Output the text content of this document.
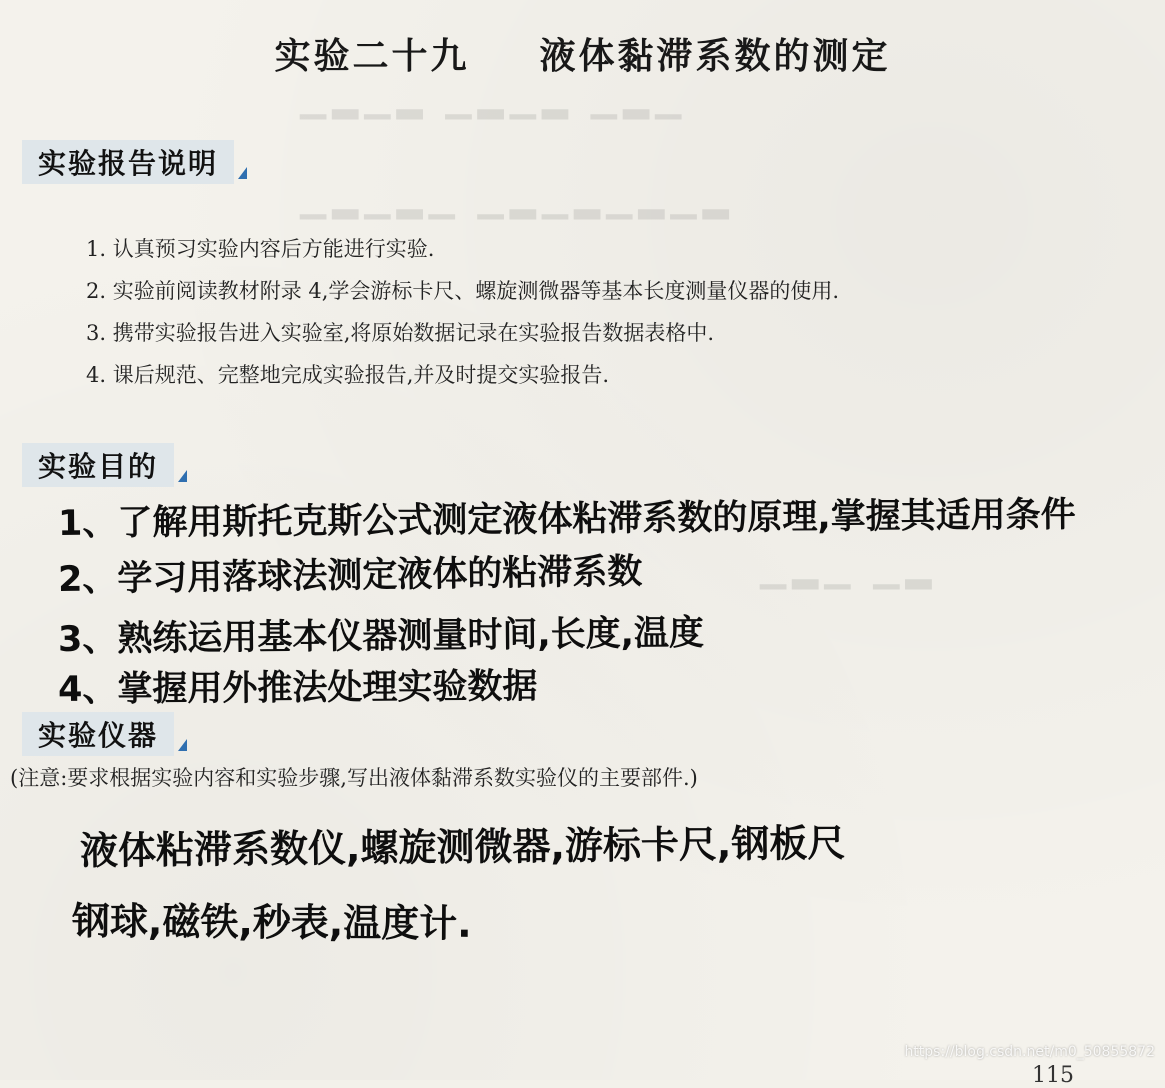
▁▂▁▂ ▁▂▁▂ ▁▂▁
▁▂▁▂▁ ▁▂▁▂▁▂▁▂
▁▂▁ ▁▂
实验二十九 液体黏滞系数的测定
实验报告说明
1. 认真预习实验内容后方能进行实验.
2. 实验前阅读教材附录 4,学会游标卡尺、螺旋测微器等基本长度测量仪器的使用.
3. 携带实验报告进入实验室,将原始数据记录在实验报告数据表格中.
4. 课后规范、完整地完成实验报告,并及时提交实验报告.
实验目的
1、了解用斯托克斯公式测定液体粘滞系数的原理,掌握其适用条件
2、学习用落球法测定液体的粘滞系数
3、熟练运用基本仪器测量时间,长度,温度
4、掌握用外推法处理实验数据
实验仪器
(注意:要求根据实验内容和实验步骤,写出液体黏滞系数实验仪的主要部件.)
液体粘滞系数仪,螺旋测微器,游标卡尺,钢板尺
钢球,磁铁,秒表,温度计.
https://blog.csdn.net/m0_50855872
115
